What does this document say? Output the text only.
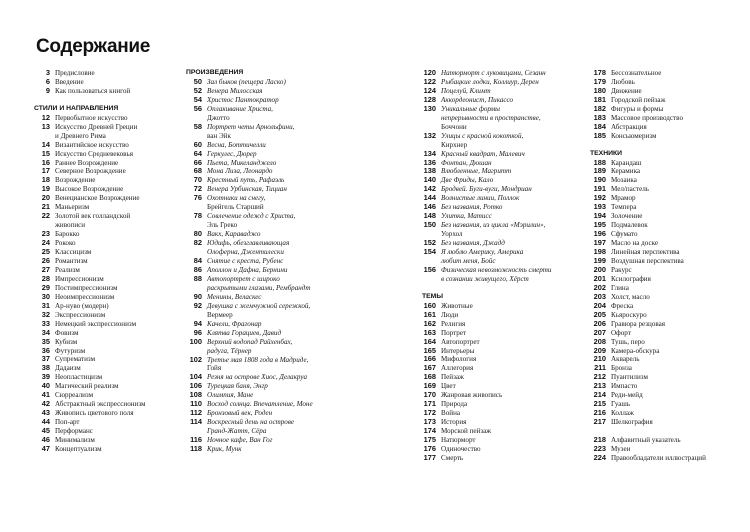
Содержание
3 Предисловие
6 Введение
9 Как пользоваться книгой
СТИЛИ И НАПРАВЛЕНИЯ
12 Первобытное искусство
13 Искусство Древней Греции
и Древнего Рима
14 Византийское искусство
15 Искусство Средневековья
16 Раннее Возрождение
17 Северное Возрождение
18 Возрождение
19 Высокое Возрождение
20 Венецианское Возрождение
21 Маньеризм
22 Золотой век голландской
живописи
23 Барокко
24 Рококо
25 Классицизм
26 Романтизм
27 Реализм
28 Импрессионизм
29 Постимпрессионизм
30 Неоимпрессионизм
31 Ар-нуво (модерн)
32 Экспрессионизм
33 Немецкий экспрессионизм
34 Фовизм
35 Кубизм
36 Футуризм
37 Супрематизм
38 Дадаизм
39 Неопластицизм
40 Магический реализм
41 Сюрреализм
42 Абстрактный экспрессионизм
43 Живопись цветового поля
44 Поп-арт
45 Перформанс
46 Минимализм
47 Концептуализм
ПРОИЗВЕДЕНИЯ
50 Зал быков (пещера Ласко)
52 Венера Милосская
54 Христос Пантократор
56 Оплакивание Христа,
Джотто
58 Портрет четы Арнольфини,
ван Эйк
60 Весна, Боттичелли
64 Геркулес, Дюрер
66 Пьета, Микеланджело
68 Мона Лиза, Леонардо
70 Крестный путь, Рафаэль
72 Венера Урбинская, Тициан
76 Охотники на снегу,
Брейгель Старший
78 Совлечение одежд с Христа,
Эль Греко
80 Вакх, Караваджо
82 Юдифь, обезглавливающая
Олоферна, Джентилески
84 Снятие с креста, Рубенс
86 Аполлон и Дафна, Бернини
88 Автопортрет с широко
раскрытыми глазами, Рембрандт
90 Менины, Веласкес
92 Девушка с жемчужной сережкой,
Вермеер
94 Качели, Фрагонар
96 Клятва Горациев, Давид
100 Верхний водопад Райхенбах,
радуга, Тёрнер
102 Третье мая 1808 года в Мадриде,
Гойя
104 Резня на острове Хиос, Делакруа
106 Турецкая баня, Энгр
108 Олимпия, Мане
110 Восход солнца. Впечатление, Моне
112 Бронзовый век, Роден
114 Воскресный день на острове
Гранд-Жатт, Сёра
116 Ночное кафе, Ван Гог
118 Крик, Мунк
120 Натюрморт с луковицами, Сезанн
122 Рыбацкие лодки, Коллиур, Дерен
124 Поцелуй, Климт
128 Аккордеонист, Пикассо
130 Уникальные формы
непрерывности в пространстве,
Боччони
132 Улицы с красной кокоткой,
Кирхнер
134 Красный квадрат, Малевич
136 Фонтан, Дюшан
138 Влюбленные, Магритт
140 Две Фриды, Кало
142 Бродвей. Буги-вуги, Мондриан
144 Волнистые линии, Поллок
146 Без названия, Ротко
148 Улитка, Матисс
150 Без названия, из цикла «Мэрилин»,
Уорхол
152 Без названия, Джадд
154 Я люблю Америку, Америка
любит меня, Бойс
156 Физическая невозможность смерти
в сознании живущего, Хёрст
ТЕМЫ
160 Животные
161 Люди
162 Религия
163 Портрет
164 Автопортрет
165 Интерьеры
166 Мифология
167 Аллегория
168 Пейзаж
169 Цвет
170 Жанровая живопись
171 Природа
172 Война
173 История
174 Морской пейзаж
175 Натюрморт
176 Одиночество
177 Смерть
178 Бессознательное
179 Любовь
180 Движение
181 Городской пейзаж
182 Фигуры и формы
183 Массовое производство
184 Абстракция
185 Консьюмеризм
ТЕХНИКИ
188 Карандаш
189 Керамика
190 Мозаика
191 Мел/пастель
192 Мрамор
193 Темпера
194 Золочение
195 Подмалевок
196 Сфумато
197 Масло на доске
198 Линейная перспектива
199 Воздушная перспектива
200 Ракурс
201 Ксилография
202 Глина
203 Холст, масло
204 Фреска
205 Кьяроскуро
206 Гравюра резцовая
207 Офорт
208 Тушь, перо
209 Камера-обскура
210 Акварель
211 Бронза
212 Пуантилизм
213 Импасто
214 Реди-мейд
215 Гуашь
216 Коллаж
217 Шелкография
218 Алфавитный указатель
223 Музеи
224 Правообладатели иллюстраций
